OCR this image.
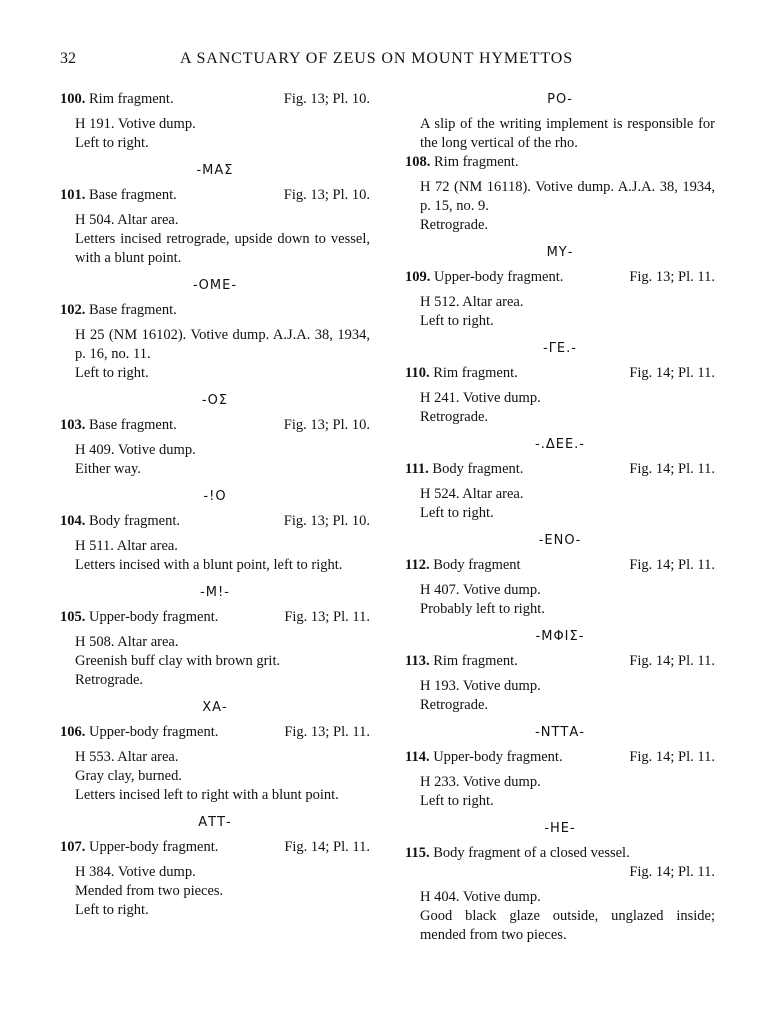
32	A SANCTUARY OF ZEUS ON MOUNT HYMETTOS
100. Rim fragment.	Fig. 13; Pl. 10.
H 191. Votive dump.
Left to right.
-ΜΑΣ
101. Base fragment.	Fig. 13; Pl. 10.
H 504. Altar area.
Letters incised retrograde, upside down to vessel, with a blunt point.
-ΟΜΕ-
102. Base fragment.
H 25 (NM 16102). Votive dump. A.J.A. 38, 1934, p. 16, no. 11.
Left to right.
-ΟΣ
103. Base fragment.	Fig. 13; Pl. 10.
H 409. Votive dump.
Either way.
-!Ο
104. Body fragment.	Fig. 13; Pl. 10.
H 511. Altar area.
Letters incised with a blunt point, left to right.
-Μ!-
105. Upper-body fragment.	Fig. 13; Pl. 11.
H 508. Altar area.
Greenish buff clay with brown grit.
Retrograde.
ΧΑ-
106. Upper-body fragment.	Fig. 13; Pl. 11.
H 553. Altar area.
Gray clay, burned.
Letters incised left to right with a blunt point.
ΑΤΤ-
107. Upper-body fragment.	Fig. 14; Pl. 11.
H 384. Votive dump.
Mended from two pieces.
Left to right.
ΡΟ-
A slip of the writing implement is responsible for the long vertical of the rho.
108. Rim fragment.
H 72 (NM 16118). Votive dump. A.J.A. 38, 1934, p. 15, no. 9.
Retrograde.
ΜΥ-
109. Upper-body fragment.	Fig. 13; Pl. 11.
H 512. Altar area.
Left to right.
-ΓΕ.-
110. Rim fragment.	Fig. 14; Pl. 11.
H 241. Votive dump.
Retrograde.
-.ΔΕΕ.-
111. Body fragment.	Fig. 14; Pl. 11.
H 524. Altar area.
Left to right.
-ΕΝΟ-
112. Body fragment	Fig. 14; Pl. 11.
H 407. Votive dump.
Probably left to right.
-ΜΦΙΣ-
113. Rim fragment.	Fig. 14; Pl. 11.
H 193. Votive dump.
Retrograde.
-ΝΤΤΑ-
114. Upper-body fragment.	Fig. 14; Pl. 11.
H 233. Votive dump.
Left to right.
-ΗΕ-
115. Body fragment of a closed vessel.
Fig. 14; Pl. 11.
H 404. Votive dump.
Good black glaze outside, unglazed inside; mended from two pieces.
